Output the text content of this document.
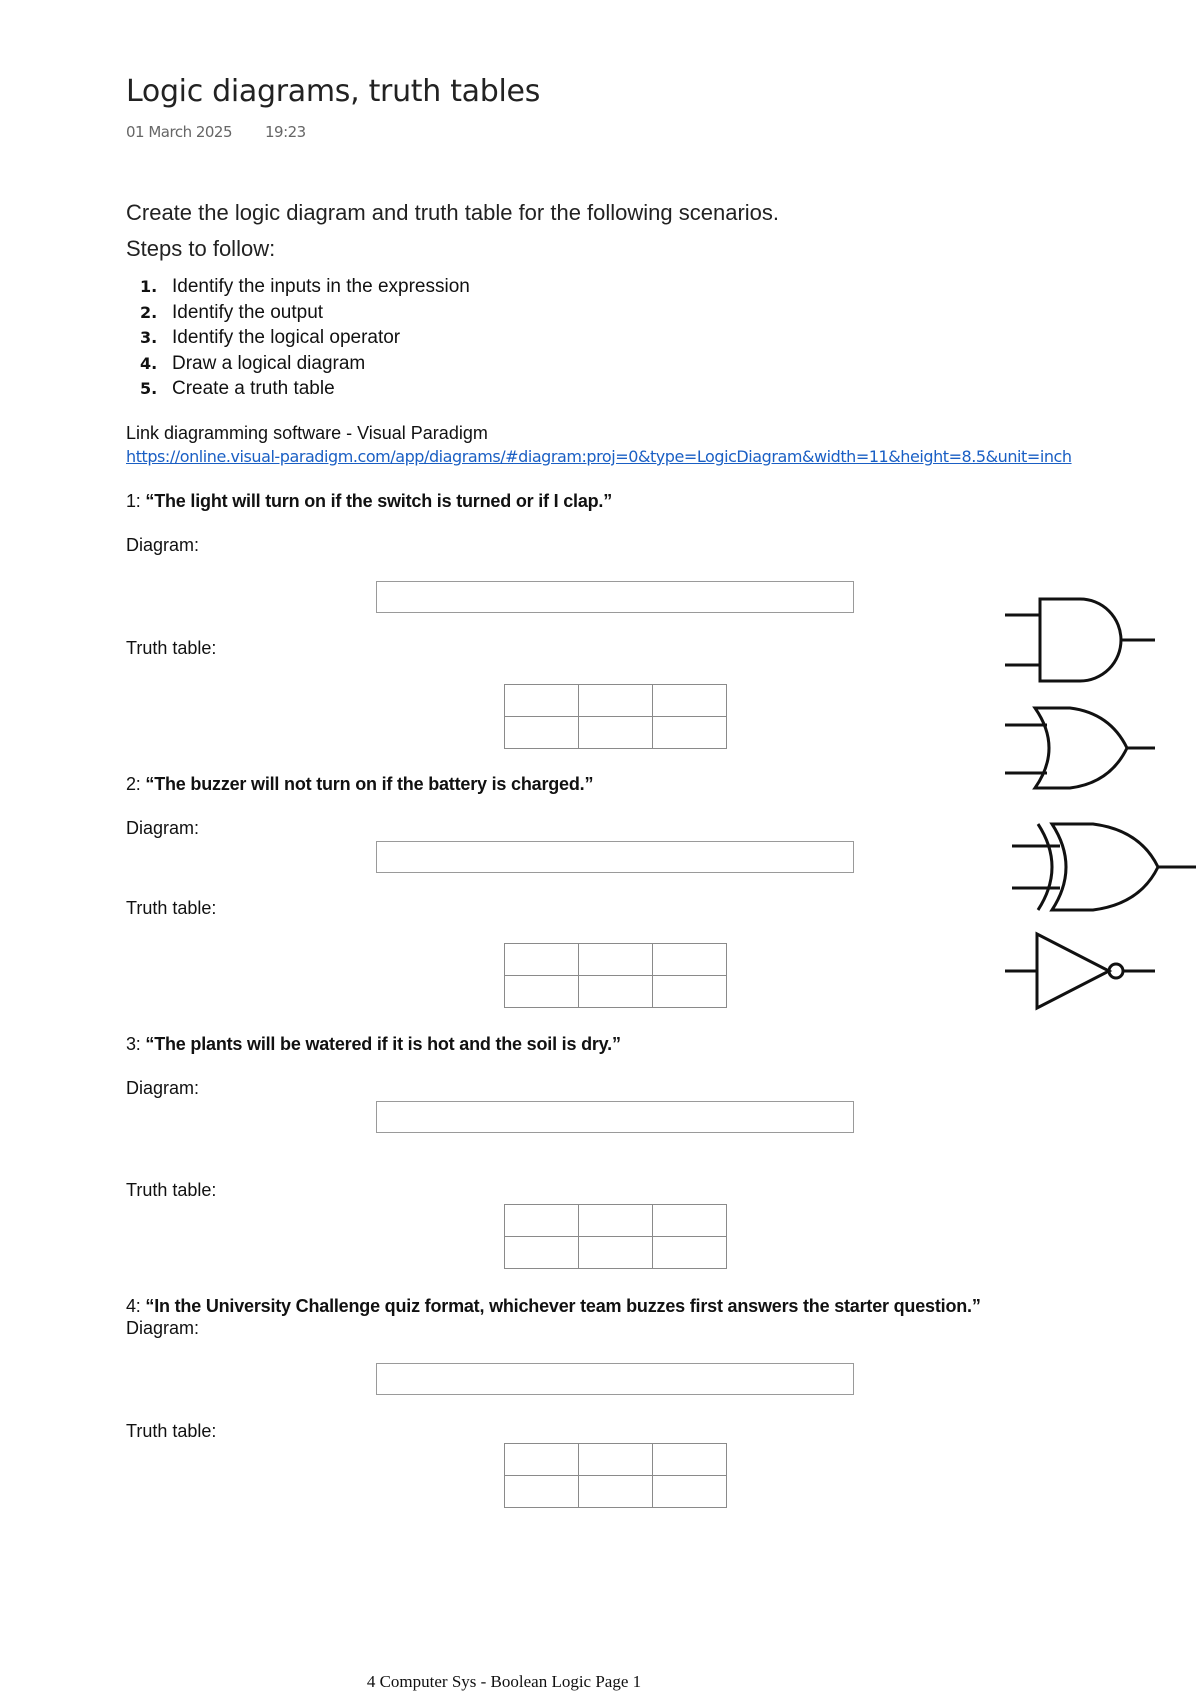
Logic diagrams, truth tables
01 March 2025 19:23
Create the logic diagram and truth table for the following scenarios.
Steps to follow:
1. Identify the inputs in the expression
2. Identify the output
3. Identify the logical operator
4. Draw a logical diagram
5. Create a truth table
Link diagramming software - Visual Paradigm
https://online.visual-paradigm.com/app/diagrams/#diagram:proj=0&type=LogicDiagram&width=11&height=8.5&unit=inch
1: “The light will turn on if the switch is turned or if I clap.”
Diagram:
Truth table:

2: “The buzzer will not turn on if the battery is charged.”
Diagram:
Truth table:

3: “The plants will be watered if it is hot and the soil is dry.”
Diagram:
Truth table:

4: “In the University Challenge quiz format, whichever team buzzes first answers the starter question.”
Diagram:
Truth table:

4 Computer Sys - Boolean Logic Page 1
